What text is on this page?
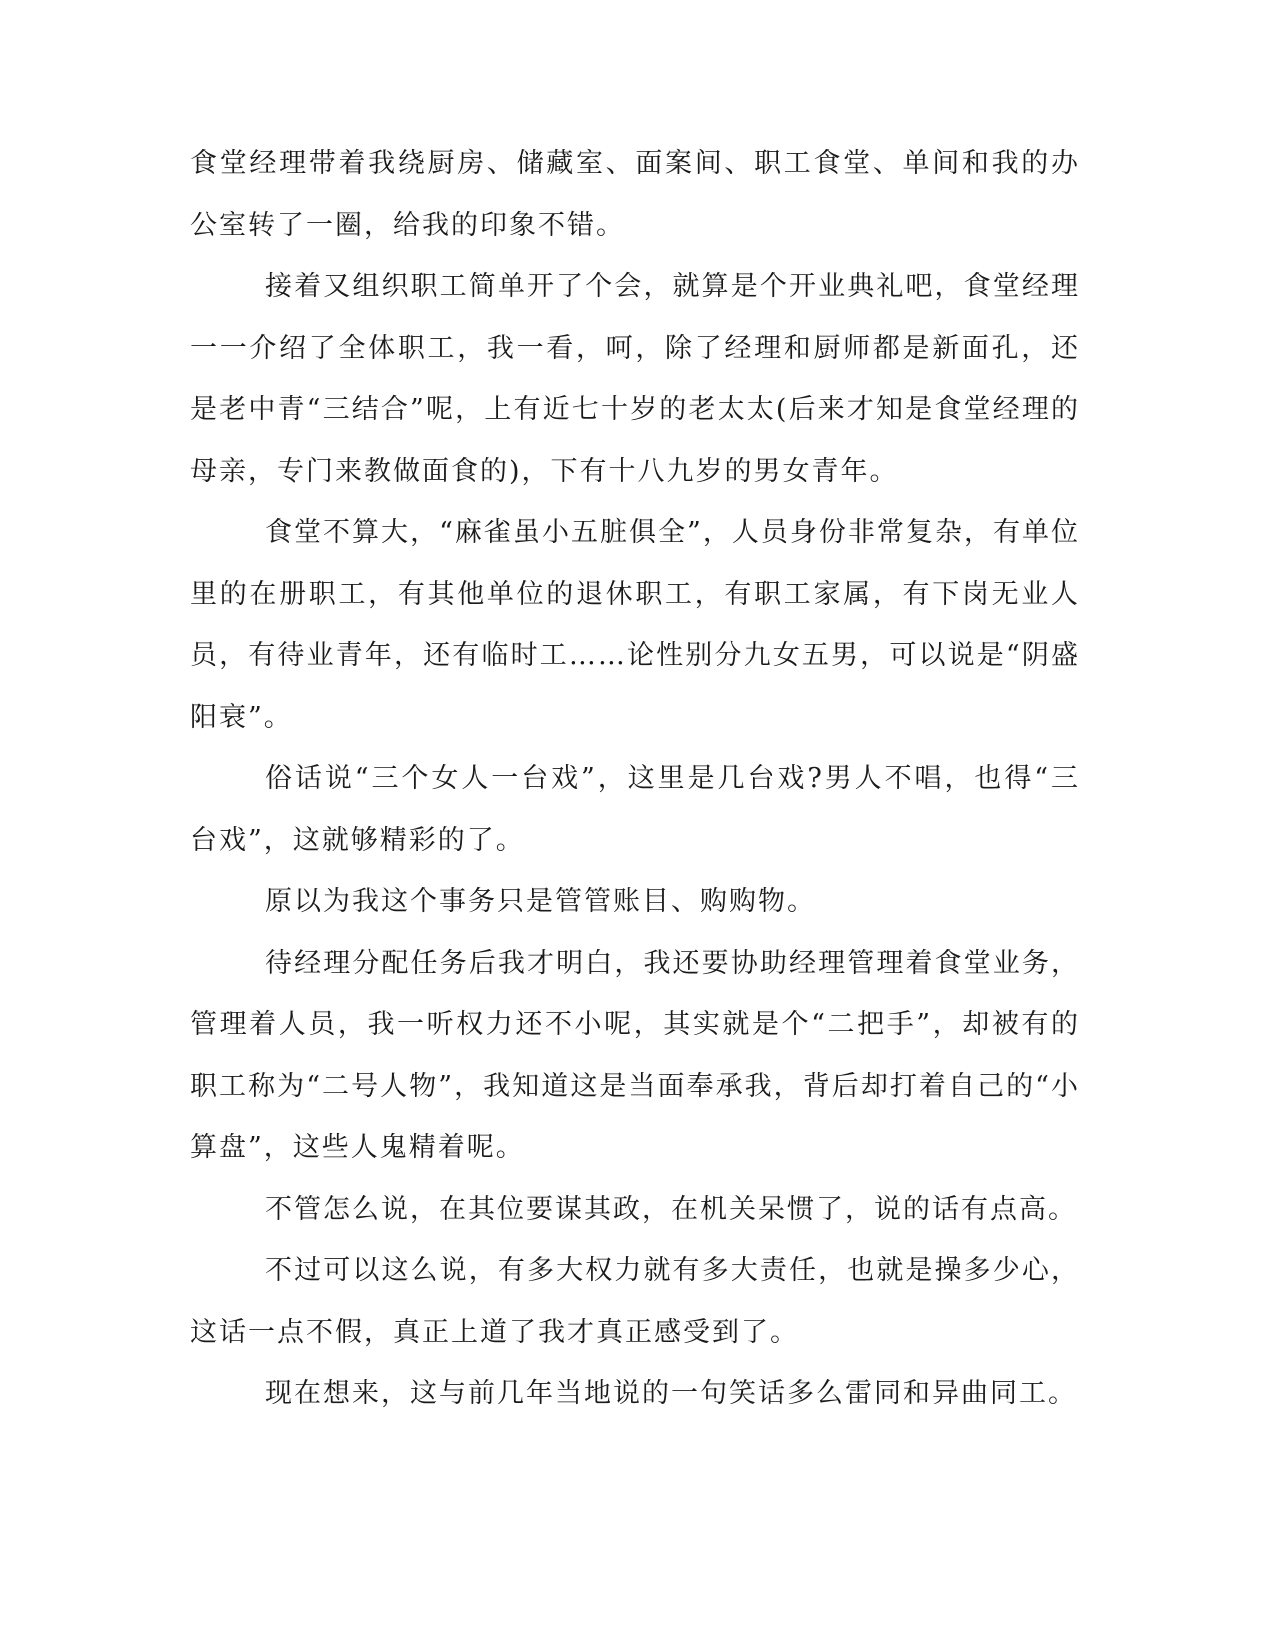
食堂经理带着我绕厨房、储藏室、面案间、职工食堂、单间和我的办公室转了一圈，给我的印象不错。

接着又组织职工简单开了个会，就算是个开业典礼吧，食堂经理一一介绍了全体职工，我一看，呵，除了经理和厨师都是新面孔，还是老中青“三结合”呢，上有近七十岁的老太太(后来才知是食堂经理的母亲，专门来教做面食的)，下有十八九岁的男女青年。

食堂不算大，“麻雀虽小五脏俱全”，人员身份非常复杂，有单位里的在册职工，有其他单位的退休职工，有职工家属，有下岗无业人员，有待业青年，还有临时工……论性别分九女五男，可以说是“阴盛阳衰”。

俗话说“三个女人一台戏”，这里是几台戏?男人不唱，也得“三台戏”，这就够精彩的了。

原以为我这个事务只是管管账目、购购物。

待经理分配任务后我才明白，我还要协助经理管理着食堂业务，管理着人员，我一听权力还不小呢，其实就是个“二把手”，却被有的职工称为“二号人物”，我知道这是当面奉承我，背后却打着自己的“小算盘”，这些人鬼精着呢。

不管怎么说，在其位要谋其政，在机关呆惯了，说的话有点高。

不过可以这么说，有多大权力就有多大责任，也就是操多少心，这话一点不假，真正上道了我才真正感受到了。

现在想来，这与前几年当地说的一句笑话多么雷同和异曲同工。
